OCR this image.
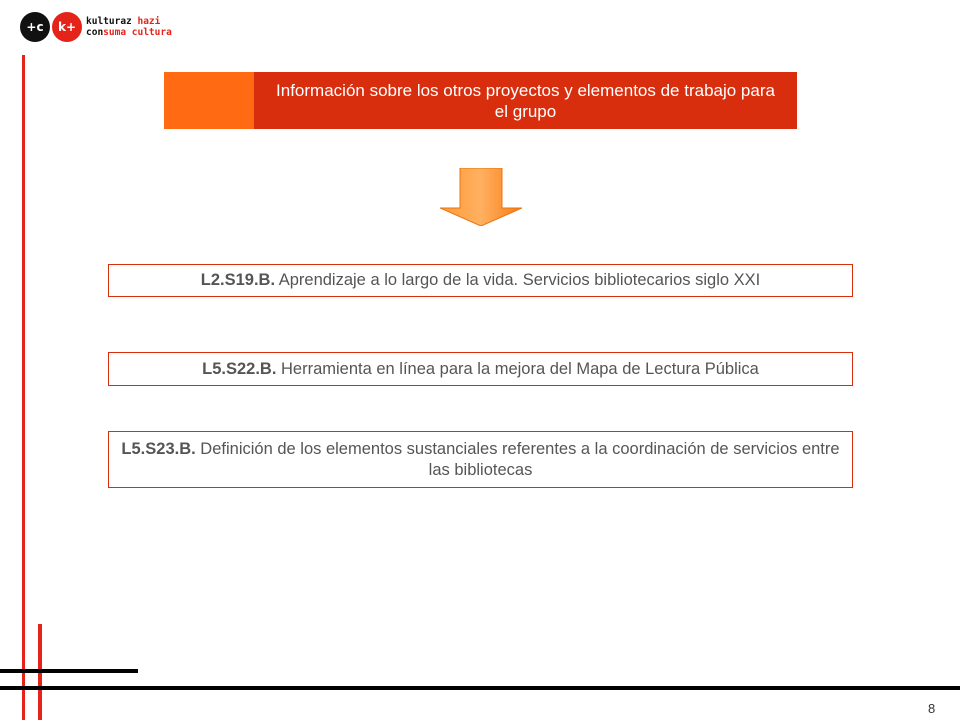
+c	k+	kulturaz hazi
consuma cultura
Información sobre los otros proyectos y elementos de trabajo para el grupo
L2.S19.B. Aprendizaje a lo largo de la vida. Servicios bibliotecarios siglo XXI
L5.S22.B. Herramienta en línea para la mejora del Mapa de Lectura Pública
L5.S23.B. Definición de los elementos sustanciales referentes a la coordinación de servicios entre las bibliotecas
8
